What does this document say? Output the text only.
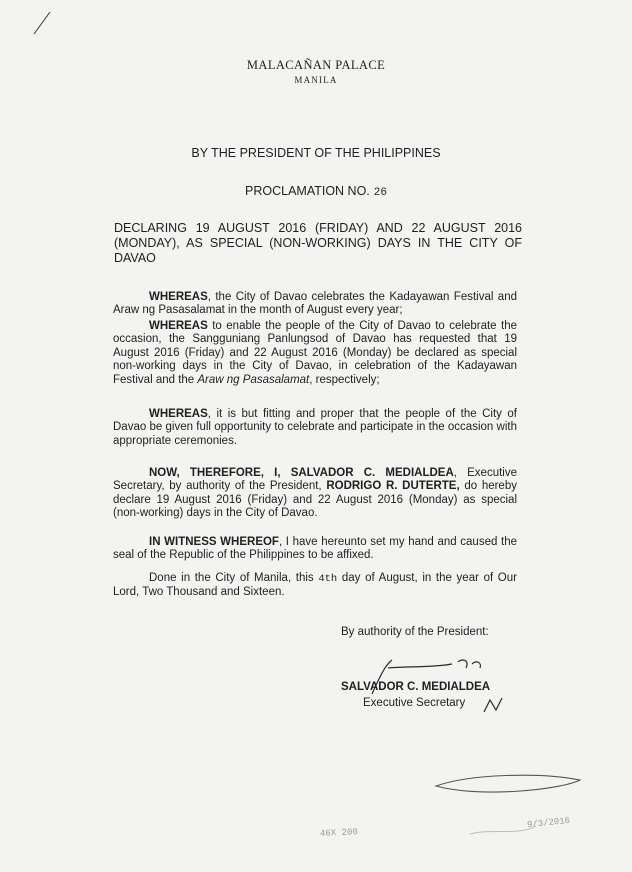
MALACAÑAN PALACE
MANILA
BY THE PRESIDENT OF THE PHILIPPINES
PROCLAMATION NO. 26
DECLARING 19 AUGUST 2016 (FRIDAY) AND 22 AUGUST 2016 (MONDAY), AS SPECIAL (NON-WORKING) DAYS IN THE CITY OF DAVAO

WHEREAS, the City of Davao celebrates the Kadayawan Festival and Araw ng Pasasalamat in the month of August every year;

WHEREAS to enable the people of the City of Davao to celebrate the occasion, the Sangguniang Panlungsod of Davao has requested that 19 August 2016 (Friday) and 22 August 2016 (Monday) be declared as special non-working days in the City of Davao, in celebration of the Kadayawan Festival and the Araw ng Pasasalamat, respectively;

WHEREAS, it is but fitting and proper that the people of the City of Davao be given full opportunity to celebrate and participate in the occasion with appropriate ceremonies.

NOW, THEREFORE, I, SALVADOR C. MEDIALDEA, Executive Secretary, by authority of the President, RODRIGO R. DUTERTE, do hereby declare 19 August 2016 (Friday) and 22 August 2016 (Monday) as special (non-working) days in the City of Davao.

IN WITNESS WHEREOF, I have hereunto set my hand and caused the seal of the Republic of the Philippines to be affixed.

Done in the City of Manila, this 4th day of August, in the year of Our Lord, Two Thousand and Sixteen.

By authority of the President:
SALVADOR C. MEDIALDEA
Executive Secretary
46X 200
9/3/2016
